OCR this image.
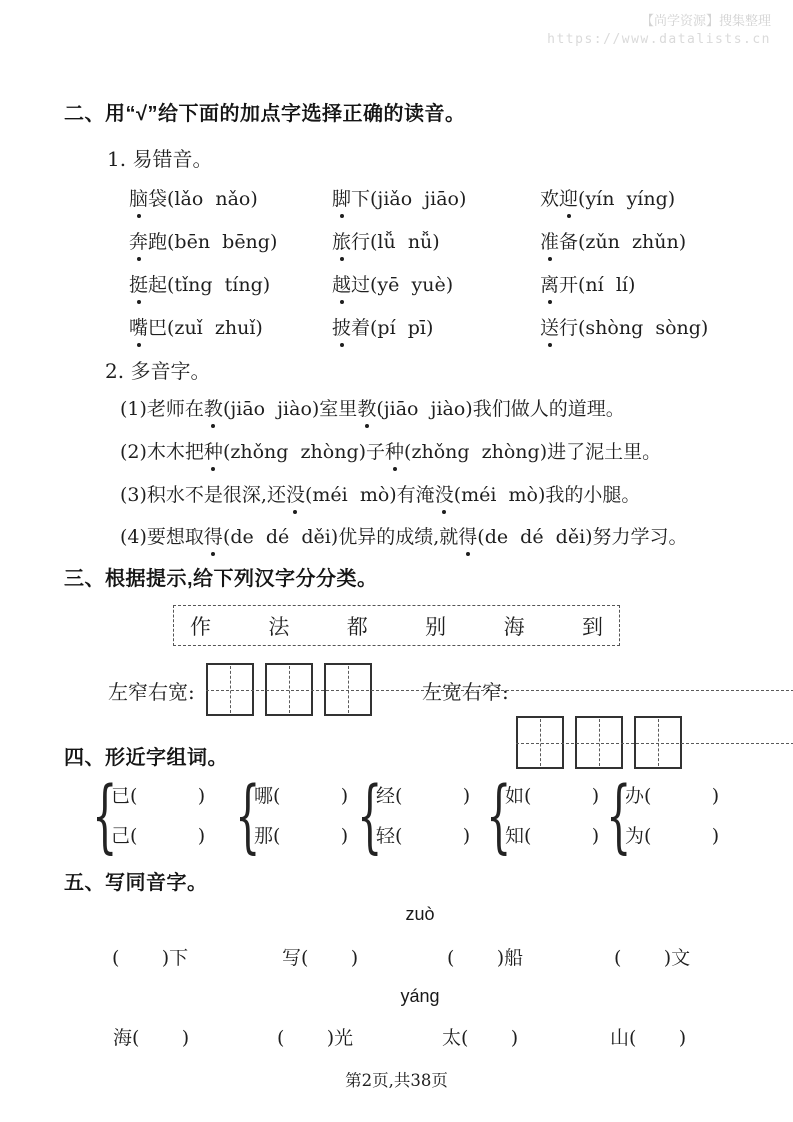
【尚学资源】搜集整理
https://www.datalists.cn
二、用“√”给下面的加点字选择正确的读音。
1. 易错音。
脑袋(lǎo  nǎo)	脚下(jiǎo  jiāo)	欢迎(yín  yíng)
奔跑(bēn  bēng)	旅行(lǚ  nǚ)	准备(zǔn  zhǔn)
挺起(tǐng  tíng)	越过(yē  yuè)	离开(ní  lí)
嘴巴(zuǐ  zhuǐ)	披着(pí  pī)	送行(shòng  sòng)
2. 多音字。
(1)老师在教(jiāo  jiào)室里教(jiāo  jiào)我们做人的道理。
(2)木木把种(zhǒng  zhòng)子种(zhǒng  zhòng)进了泥土里。
(3)积水不是很深,还没(méi  mò)有淹没(méi  mò)我的小腿。
(4)要想取得(de  dé  děi)优异的成绩,就得(de  dé  děi)努力学习。
三、根据提示,给下列汉字分分类。
作	法	都	别	海	到
左窄右宽:	左宽右窄:
四、形近字组词。
{
已(          )
己(          ) {
哪(          )
那(          ) {
经(          )
轻(          ) {
如(          )
知(          ) {
办(          )
为(          )
五、写同音字。
zuò
(       )下	写(       )	(       )船	(       )文
yáng
海(       )	(       )光	太(       )	山(       )
第2页,共38页
